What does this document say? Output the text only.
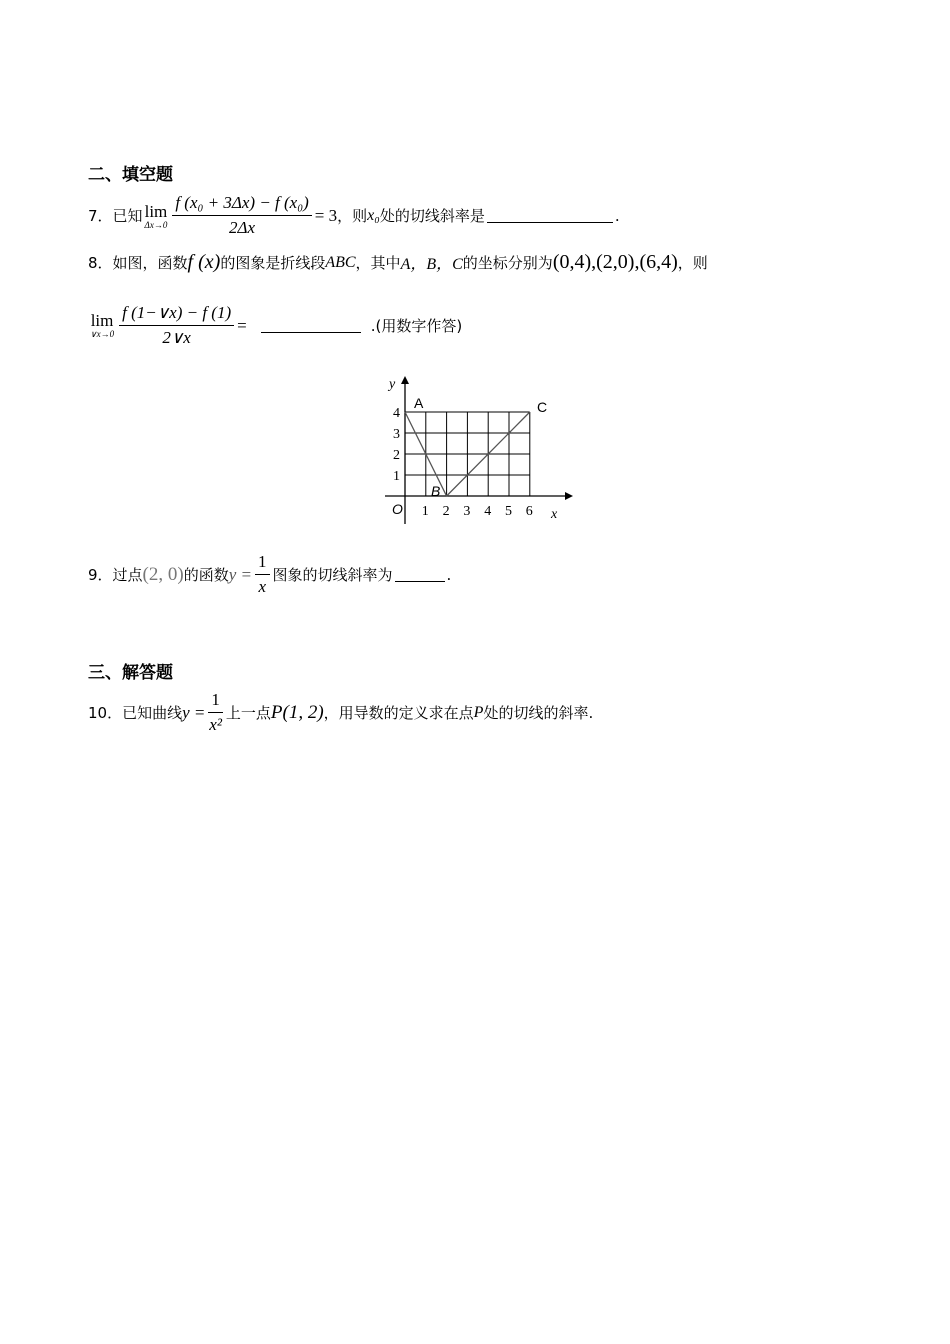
二、填空题
7．已知 lim
$\Delta x\to 0 \frac{\text{f (x₀ + 3Δx) − f (x₀)}}{2\Delta x} = 3$ ，则 x₀ 处的切线斜率是	.
8．如图，函数 f (x) 的图象是折线段 ABC ，其中 A，B，C 的坐标分别为 (0,4),(2,0),(6,4) ，则
lim
∨x→0 $\frac{f (1-\vee x) - f (1)}{2\vee x}$ =	.(用数字作答)
y
x
O 1 2 3 4 5 6
1
2
3
4
A
B
C
9．过点 (2, 0) 的函数 $y = \frac{1}{x}$ 图象的切线斜率为	.
三、解答题
10．已知曲线 $y = \frac{1}{\text{x²}}$ 上一点 P(1, 2) ，用导数的定义求在点 P 处的切线的斜率.
